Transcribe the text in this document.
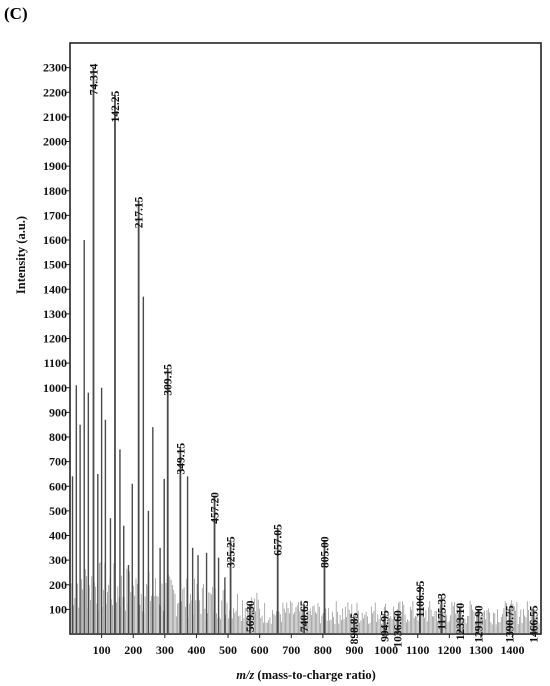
(C)
100
200
300
400
500
600
700
800
900
1000
1100
1200
1300
1400
1500
1600
1700
1800
1900
2000
2100
2200
2300
100 200 300 400 500 600 700 800 900 1000 1100 1200 1300 1400
74.314
142.25
217.15
309.15
349.15
457.20
325.25
569.30
657.05
740.65
805.00
898.85 994.95 1036.60
1106.95 1175.33 1233.10 1291.90 1390.75 1466.55
m/z (mass-to-charge ratio)
Intensity (a.u.)
